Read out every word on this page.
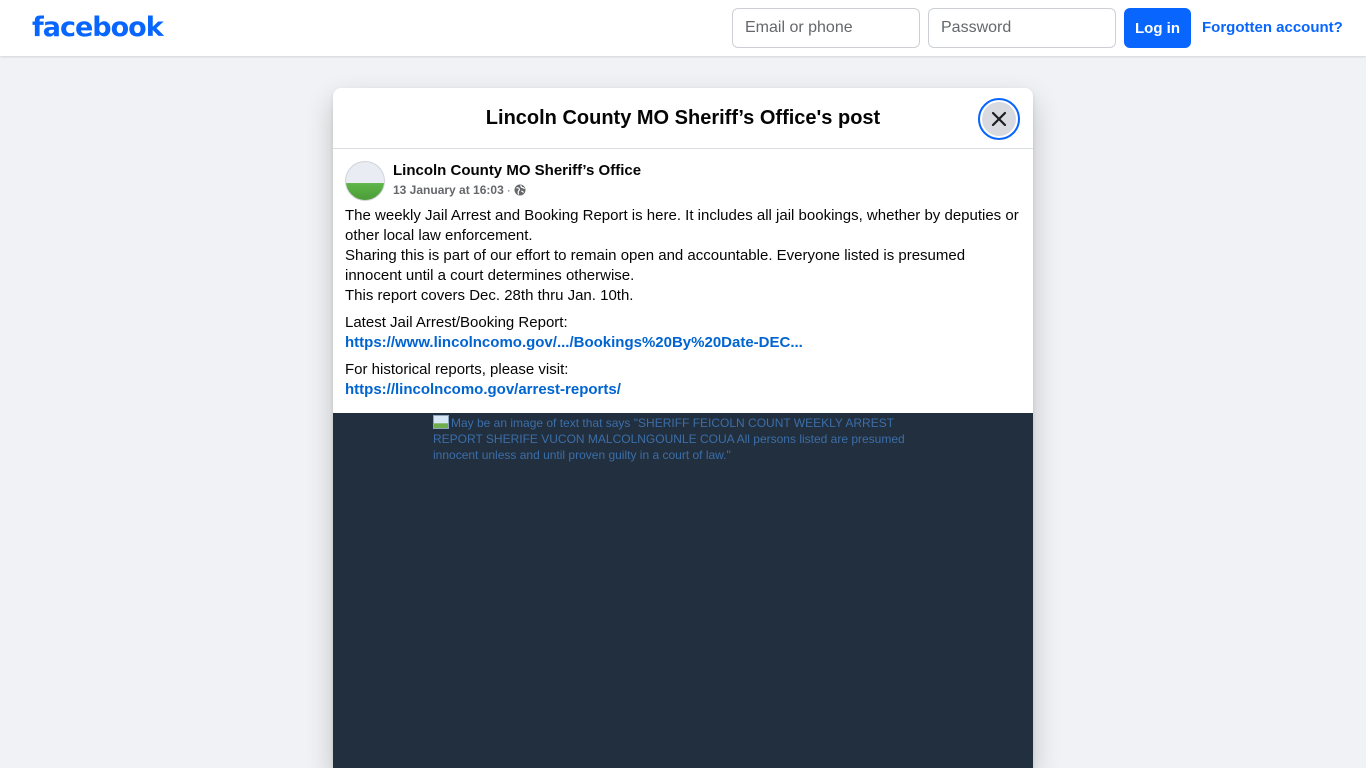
facebook
Email or phone	Log in	Forgotten account?
Lincoln County MO Sheriff’s Office's post
Lincoln County MO Sheriff’s Office
13 January at 16:03 ·

The weekly Jail Arrest and Booking Report is here. It includes all jail bookings, whether by deputies or other local law enforcement.

Sharing this is part of our effort to remain open and accountable. Everyone listed is presumed innocent until a court determines otherwise.

This report covers Dec. 28th thru Jan. 10th.

Latest Jail Arrest/Booking Report:

https://www.lincolncomo.gov/.../Bookings%20By%20Date-DEC...

For historical reports, please visit:

https://lincolncomo.gov/arrest-reports/

May be an image of text that says "SHERIFF FEICOLN COUNT WEEKLY ARREST REPORT SHERIFE VUCON MALCOLNGOUNLE COUA All persons listed are presumed innocent unless and until proven guilty in a court of law."
